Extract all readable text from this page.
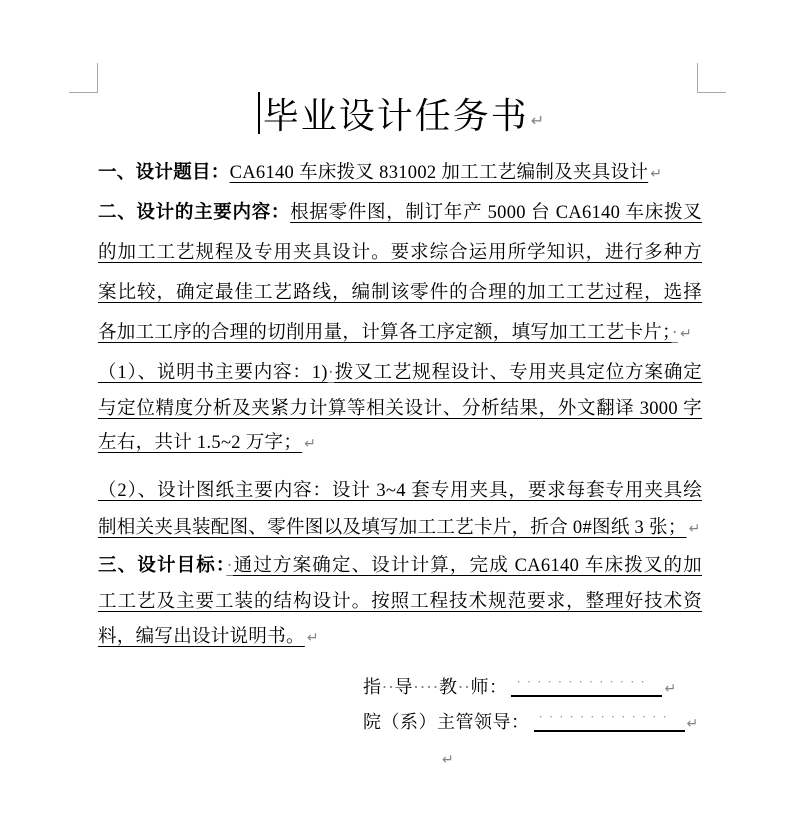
毕业设计任务书 ↵
一、设计题目：CA6140 车床拨叉 831002 加工工艺编制及夹具设计 ↵
二、设计的主要内容：根据零件图，制订年产 5000 台 CA6140 车床拨叉
的加工工艺规程及专用夹具设计。要求综合运用所学知识，进行多种方
案比较，确定最佳工艺路线，编制该零件的合理的加工工艺过程，选择
各加工工序的合理的切削用量，计算各工序定额，填写加工工艺卡片；· ↵
（1）、说明书主要内容：1)·拨叉工艺规程设计、专用夹具定位方案确定
与定位精度分析及夹紧力计算等相关设计、分析结果，外文翻译 3000 字
左右，共计 1.5~2 万字； ↵
（2）、设计图纸主要内容：设计 3~4 套专用夹具，要求每套专用夹具绘
制相关夹具装配图、零件图以及填写加工工艺卡片，折合 0#图纸 3 张； ↵
三、设计目标：·通过方案确定、设计计算，完成 CA6140 车床拨叉的加
工工艺及主要工装的结构设计。按照工程技术规范要求，整理好技术资
料，编写出设计说明书。 ↵
指··导····教··师： ············· ↵
院（系）主管领导： ············· ↵
↵
